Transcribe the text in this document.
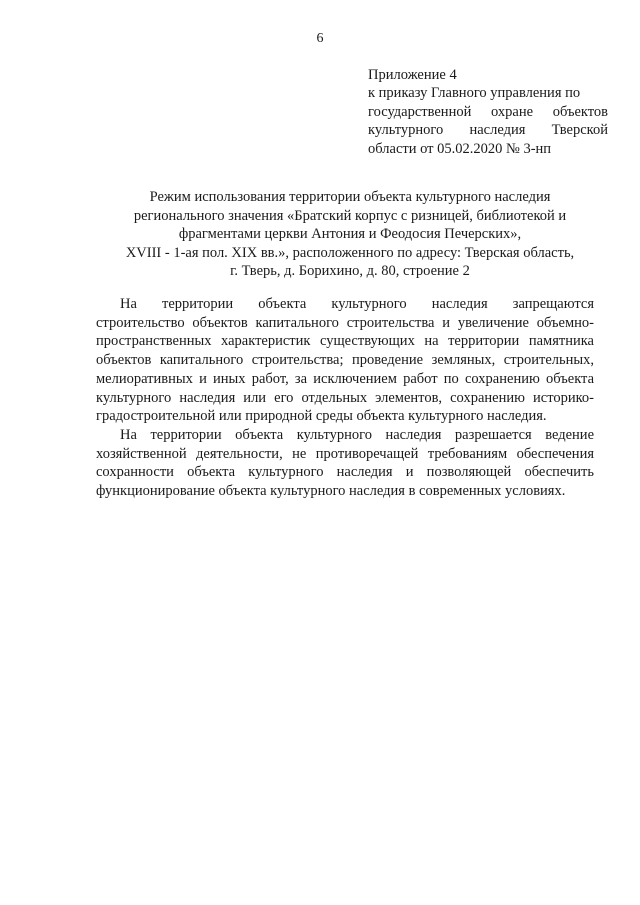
6
Приложение 4
к приказу Главного управления по
государственной охране объектов
культурного наследия Тверской
области от 05.02.2020 № 3-нп
Режим использования территории объекта культурного наследия
регионального значения «Братский корпус с ризницей, библиотекой и
фрагментами церкви Антония и Феодосия Печерских»,
XVIII - 1-ая пол. XIX вв.», расположенного по адресу: Тверская область,
г. Тверь, д. Борихино, д. 80, строение 2
На территории объекта культурного наследия запрещаются
строительство объектов капитального строительства и увеличение объемно-
пространственных характеристик существующих на территории памятника
объектов капитального строительства; проведение земляных, строительных,
мелиоративных и иных работ, за исключением работ по сохранению объекта
культурного наследия или его отдельных элементов, сохранению историко-
градостроительной или природной среды объекта культурного наследия.
На территории объекта культурного наследия разрешается ведение
хозяйственной деятельности, не противоречащей требованиям обеспечения
сохранности объекта культурного наследия и позволяющей обеспечить
функционирование объекта культурного наследия в современных условиях.
